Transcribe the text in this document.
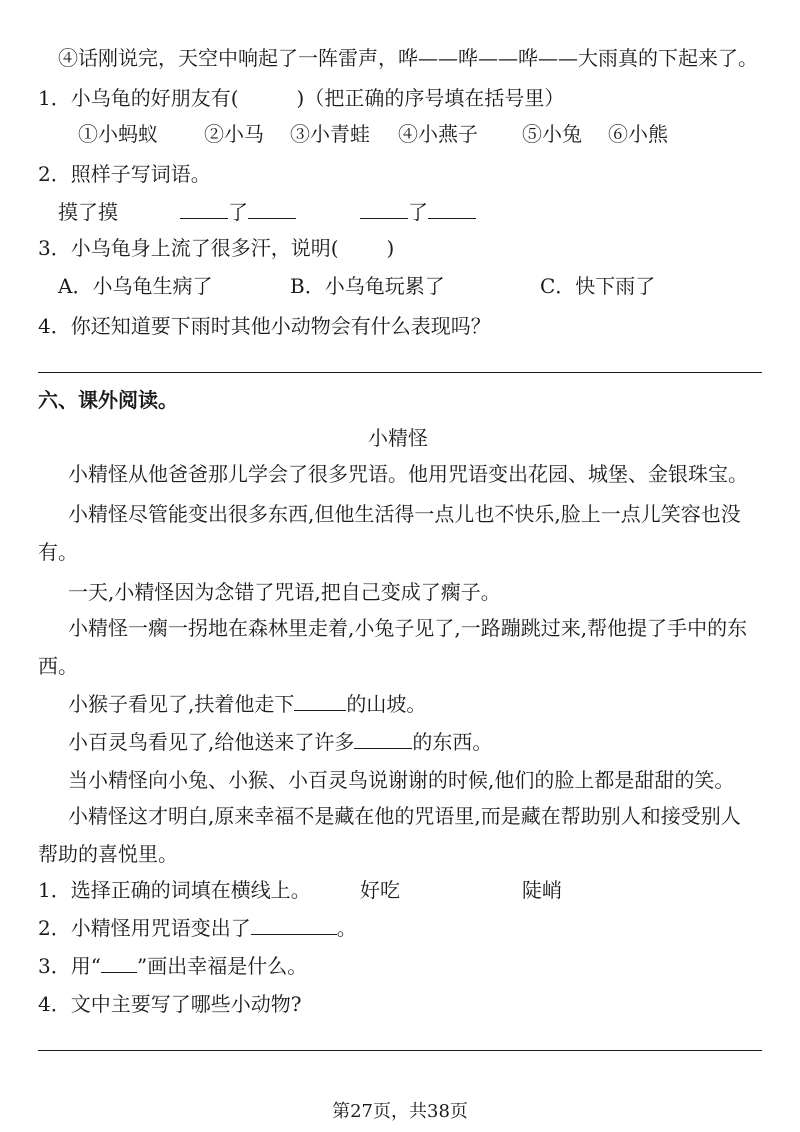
④话刚说完，天空中响起了一阵雷声，哗——哗——哗——大雨真的下起来了。
1．小乌龟的好朋友有(	)（把正确的序号填在括号里）
①小蚂蚁 ②小马 ③小青蛙 ④小燕子 ⑤小兔 ⑥小熊
2．照样子写词语。
摸了摸	了	了
3．小乌龟身上流了很多汗，说明( )
A．小乌龟生病了	B．小乌龟玩累了	C．快下雨了
4．你还知道要下雨时其他小动物会有什么表现吗？
六、课外阅读。
小精怪
小精怪从他爸爸那儿学会了很多咒语。他用咒语变出花园、城堡、金银珠宝。
小精怪尽管能变出很多东西,但他生活得一点儿也不快乐,脸上一点儿笑容也没
有。
一天,小精怪因为念错了咒语,把自己变成了瘸子。
小精怪一瘸一拐地在森林里走着,小兔子见了,一路蹦跳过来,帮他提了手中的东
西。
小猴子看见了,扶着他走下	的山坡。
小百灵鸟看见了,给他送来了许多	的东西。
当小精怪向小兔、小猴、小百灵鸟说谢谢的时候,他们的脸上都是甜甜的笑。
小精怪这才明白,原来幸福不是藏在他的咒语里,而是藏在帮助别人和接受别人
帮助的喜悦里。
1．选择正确的词填在横线上。 好吃	陡峭
2．小精怪用咒语变出了	。
3．用“ ”画出幸福是什么。
4．文中主要写了哪些小动物?
第27页，共38页
